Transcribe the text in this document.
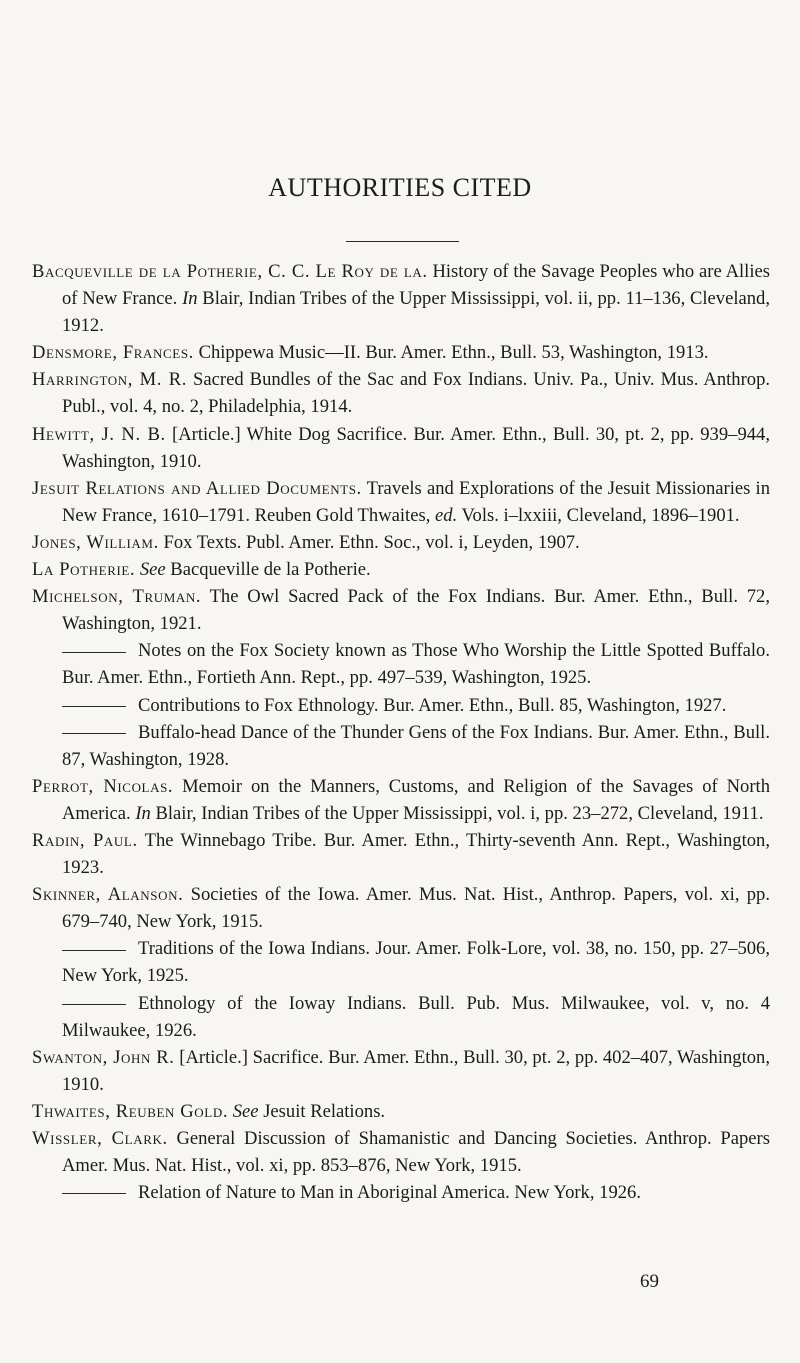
AUTHORITIES CITED

Bacqueville de la Potherie, C. C. Le Roy de la. History of the Savage Peoples who are Allies of New France. In Blair, Indian Tribes of the Upper Mississippi, vol. ii, pp. 11–136, Cleveland, 1912.

Densmore, Frances. Chippewa Music—II. Bur. Amer. Ethn., Bull. 53, Washington, 1913.

Harrington, M. R. Sacred Bundles of the Sac and Fox Indians. Univ. Pa., Univ. Mus. Anthrop. Publ., vol. 4, no. 2, Philadelphia, 1914.

Hewitt, J. N. B. [Article.] White Dog Sacrifice. Bur. Amer. Ethn., Bull. 30, pt. 2, pp. 939–944, Washington, 1910.

Jesuit Relations and Allied Documents. Travels and Explorations of the Jesuit Missionaries in New France, 1610–1791. Reuben Gold Thwaites, ed. Vols. i–lxxiii, Cleveland, 1896–1901.

Jones, William. Fox Texts. Publ. Amer. Ethn. Soc., vol. i, Leyden, 1907.

La Potherie. See Bacqueville de la Potherie.

Michelson, Truman. The Owl Sacred Pack of the Fox Indians. Bur. Amer. Ethn., Bull. 72, Washington, 1921.

Notes on the Fox Society known as Those Who Worship the Little Spotted Buffalo. Bur. Amer. Ethn., Fortieth Ann. Rept., pp. 497–539, Washington, 1925.

Contributions to Fox Ethnology. Bur. Amer. Ethn., Bull. 85, Washington, 1927.

Buffalo-head Dance of the Thunder Gens of the Fox Indians. Bur. Amer. Ethn., Bull. 87, Washington, 1928.

Perrot, Nicolas. Memoir on the Manners, Customs, and Religion of the Savages of North America. In Blair, Indian Tribes of the Upper Mississippi, vol. i, pp. 23–272, Cleveland, 1911.

Radin, Paul. The Winnebago Tribe. Bur. Amer. Ethn., Thirty-seventh Ann. Rept., Washington, 1923.

Skinner, Alanson. Societies of the Iowa. Amer. Mus. Nat. Hist., Anthrop. Papers, vol. xi, pp. 679–740, New York, 1915.

Traditions of the Iowa Indians. Jour. Amer. Folk-Lore, vol. 38, no. 150, pp. 27–506, New York, 1925.

Ethnology of the Ioway Indians. Bull. Pub. Mus. Milwaukee, vol. v, no. 4 Milwaukee, 1926.

Swanton, John R. [Article.] Sacrifice. Bur. Amer. Ethn., Bull. 30, pt. 2, pp. 402–407, Washington, 1910.

Thwaites, Reuben Gold. See Jesuit Relations.

Wissler, Clark. General Discussion of Shamanistic and Dancing Societies. Anthrop. Papers Amer. Mus. Nat. Hist., vol. xi, pp. 853–876, New York, 1915.

Relation of Nature to Man in Aboriginal America. New York, 1926.

69
